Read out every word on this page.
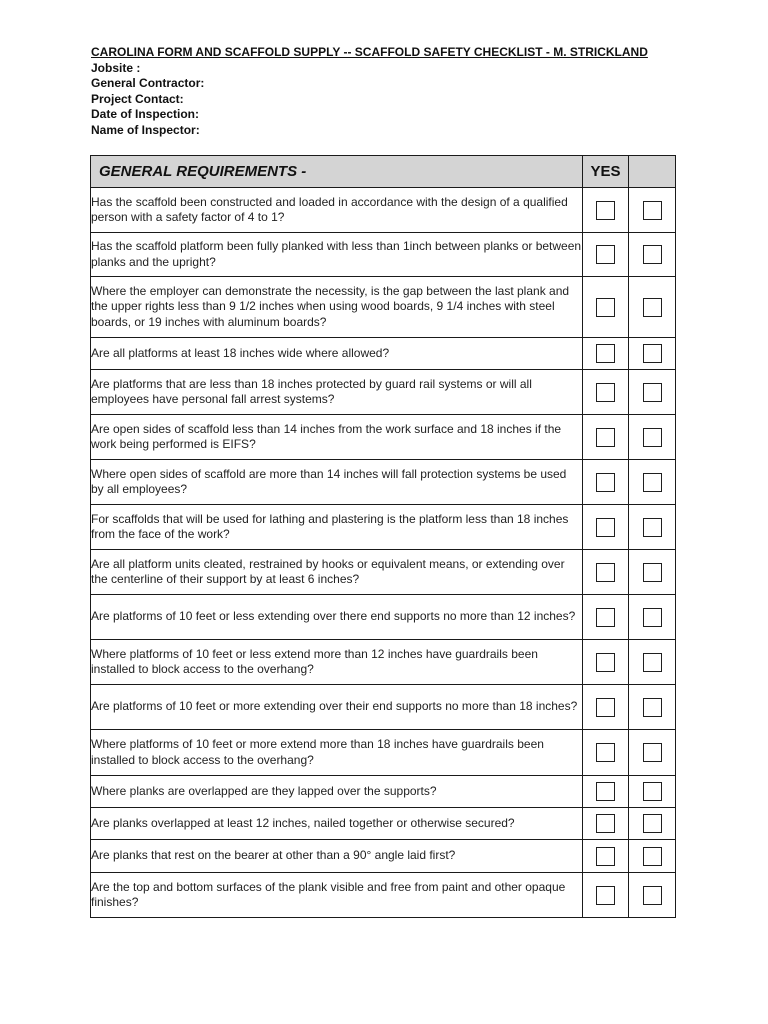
CAROLINA FORM AND SCAFFOLD SUPPLY -- SCAFFOLD SAFETY CHECKLIST - M. STRICKLAND
Jobsite :
General Contractor:
Project Contact:
Date of Inspection:
Name of Inspector:
GENERAL REQUIREMENTS -	YES	
Has the scaffold been constructed and loaded in accordance with the design of a qualified person with a safety factor of 4 to 1?		
Has the scaffold platform been fully planked with less than 1inch between planks or between planks and the upright?		
Where the employer can demonstrate the necessity, is the gap between the last plank and the upper rights less than 9 1/2 inches when using wood boards, 9 1/4 inches with steel boards, or 19 inches with aluminum boards?		
Are all platforms at least 18 inches wide where allowed?		
Are platforms that are less than 18 inches protected by guard rail systems or will all employees have personal fall arrest systems?		
Are open sides of scaffold less than 14 inches from the work surface and 18 inches if the work being performed is EIFS?		
Where open sides of scaffold are more than 14 inches will fall protection systems be used by all employees?		
For scaffolds that will be used for lathing and plastering is the platform less than 18 inches from the face of the work?		
Are all platform units cleated, restrained by hooks or equivalent means, or extending over the centerline of their support by at least 6 inches?		
Are platforms of 10 feet or less extending over there end supports no more than 12 inches?		
Where platforms of 10 feet or less extend more than 12 inches have guardrails been installed to block access to the overhang?		
Are platforms of 10 feet or more extending over their end supports no more than 18 inches?		
Where platforms of 10 feet or more extend more than 18 inches have guardrails been installed to block access to the overhang?		
Where planks are overlapped are they lapped over the supports?		
Are planks overlapped at least 12 inches, nailed together or otherwise secured?		
Are planks that rest on the bearer at other than a 90° angle laid first?		
Are the top and bottom surfaces of the plank visible and free from paint and other opaque finishes?		
